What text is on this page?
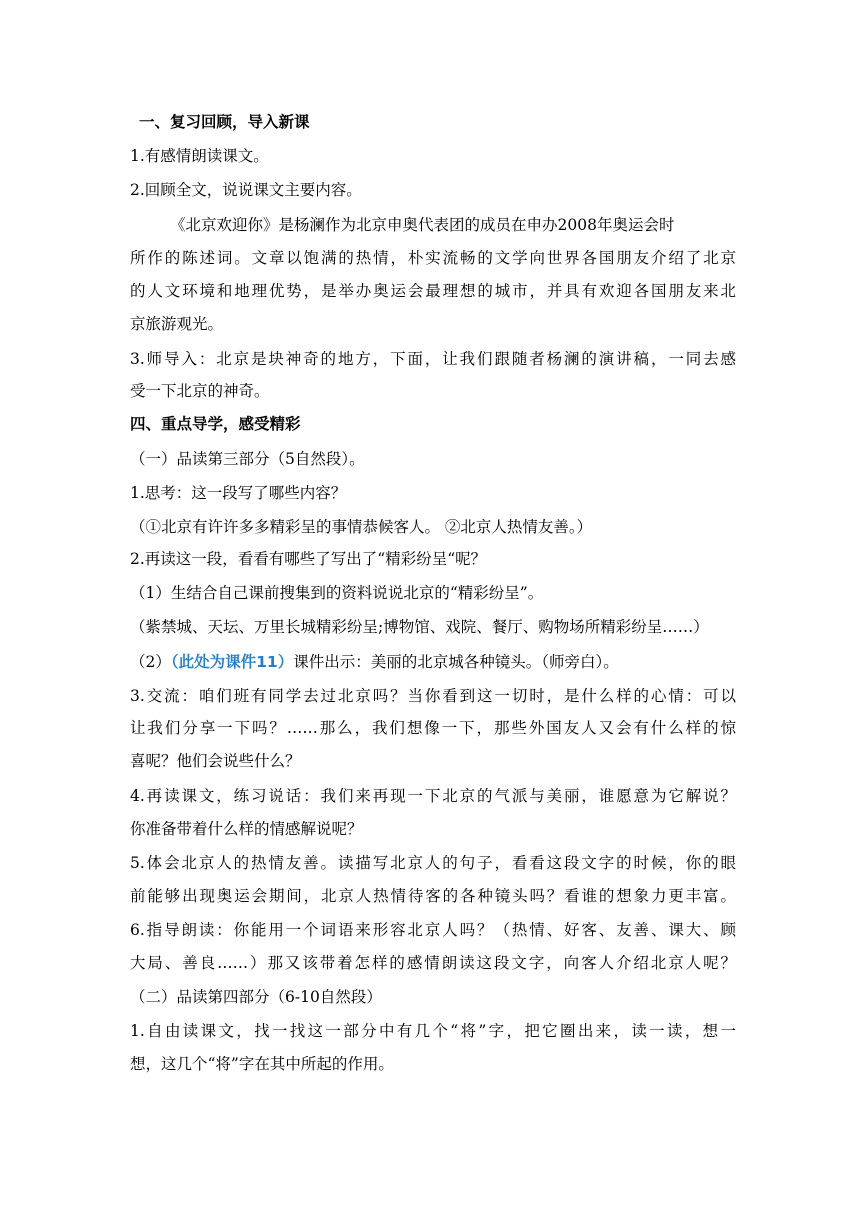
一、复习回顾，导入新课
1.有感情朗读课文。
2.回顾全文，说说课文主要内容。
《北京欢迎你》是杨澜作为北京申奥代表团的成员在申办2008年奥运会时
所作的陈述词。文章以饱满的热情，朴实流畅的文学向世界各国朋友介绍了北京
的人文环境和地理优势，是举办奥运会最理想的城市，并具有欢迎各国朋友来北
京旅游观光。
3.师导入：北京是块神奇的地方，下面，让我们跟随者杨澜的演讲稿，一同去感
受一下北京的神奇。
四、重点导学，感受精彩
（一）品读第三部分（5自然段）。
1.思考：这一段写了哪些内容？
（①北京有许许多多精彩呈的事情恭候客人。 ②北京人热情友善。）
2.再读这一段，看看有哪些了写出了“精彩纷呈“呢？
（1）生结合自己课前搜集到的资料说说北京的“精彩纷呈”。
（紫禁城、天坛、万里长城精彩纷呈;博物馆、戏院、餐厅、购物场所精彩纷呈……）
（2）（此处为课件11）课件出示：美丽的北京城各种镜头。（师旁白）。
3.交流：咱们班有同学去过北京吗？当你看到这一切时，是什么样的心情：可以
让我们分享一下吗？……那么，我们想像一下，那些外国友人又会有什么样的惊
喜呢？他们会说些什么？
4.再读课文，练习说话：我们来再现一下北京的气派与美丽，谁愿意为它解说？
你准备带着什么样的情感解说呢？
5.体会北京人的热情友善。读描写北京人的句子，看看这段文字的时候，你的眼
前能够出现奥运会期间，北京人热情待客的各种镜头吗？看谁的想象力更丰富。
6.指导朗读：你能用一个词语来形容北京人吗？（热情、好客、友善、课大、顾
大局、善良……）那又该带着怎样的感情朗读这段文字，向客人介绍北京人呢？
（二）品读第四部分（6-10自然段）
1.自由读课文，找一找这一部分中有几个“将”字，把它圈出来，读一读，想一
想，这几个“将”字在其中所起的作用。
